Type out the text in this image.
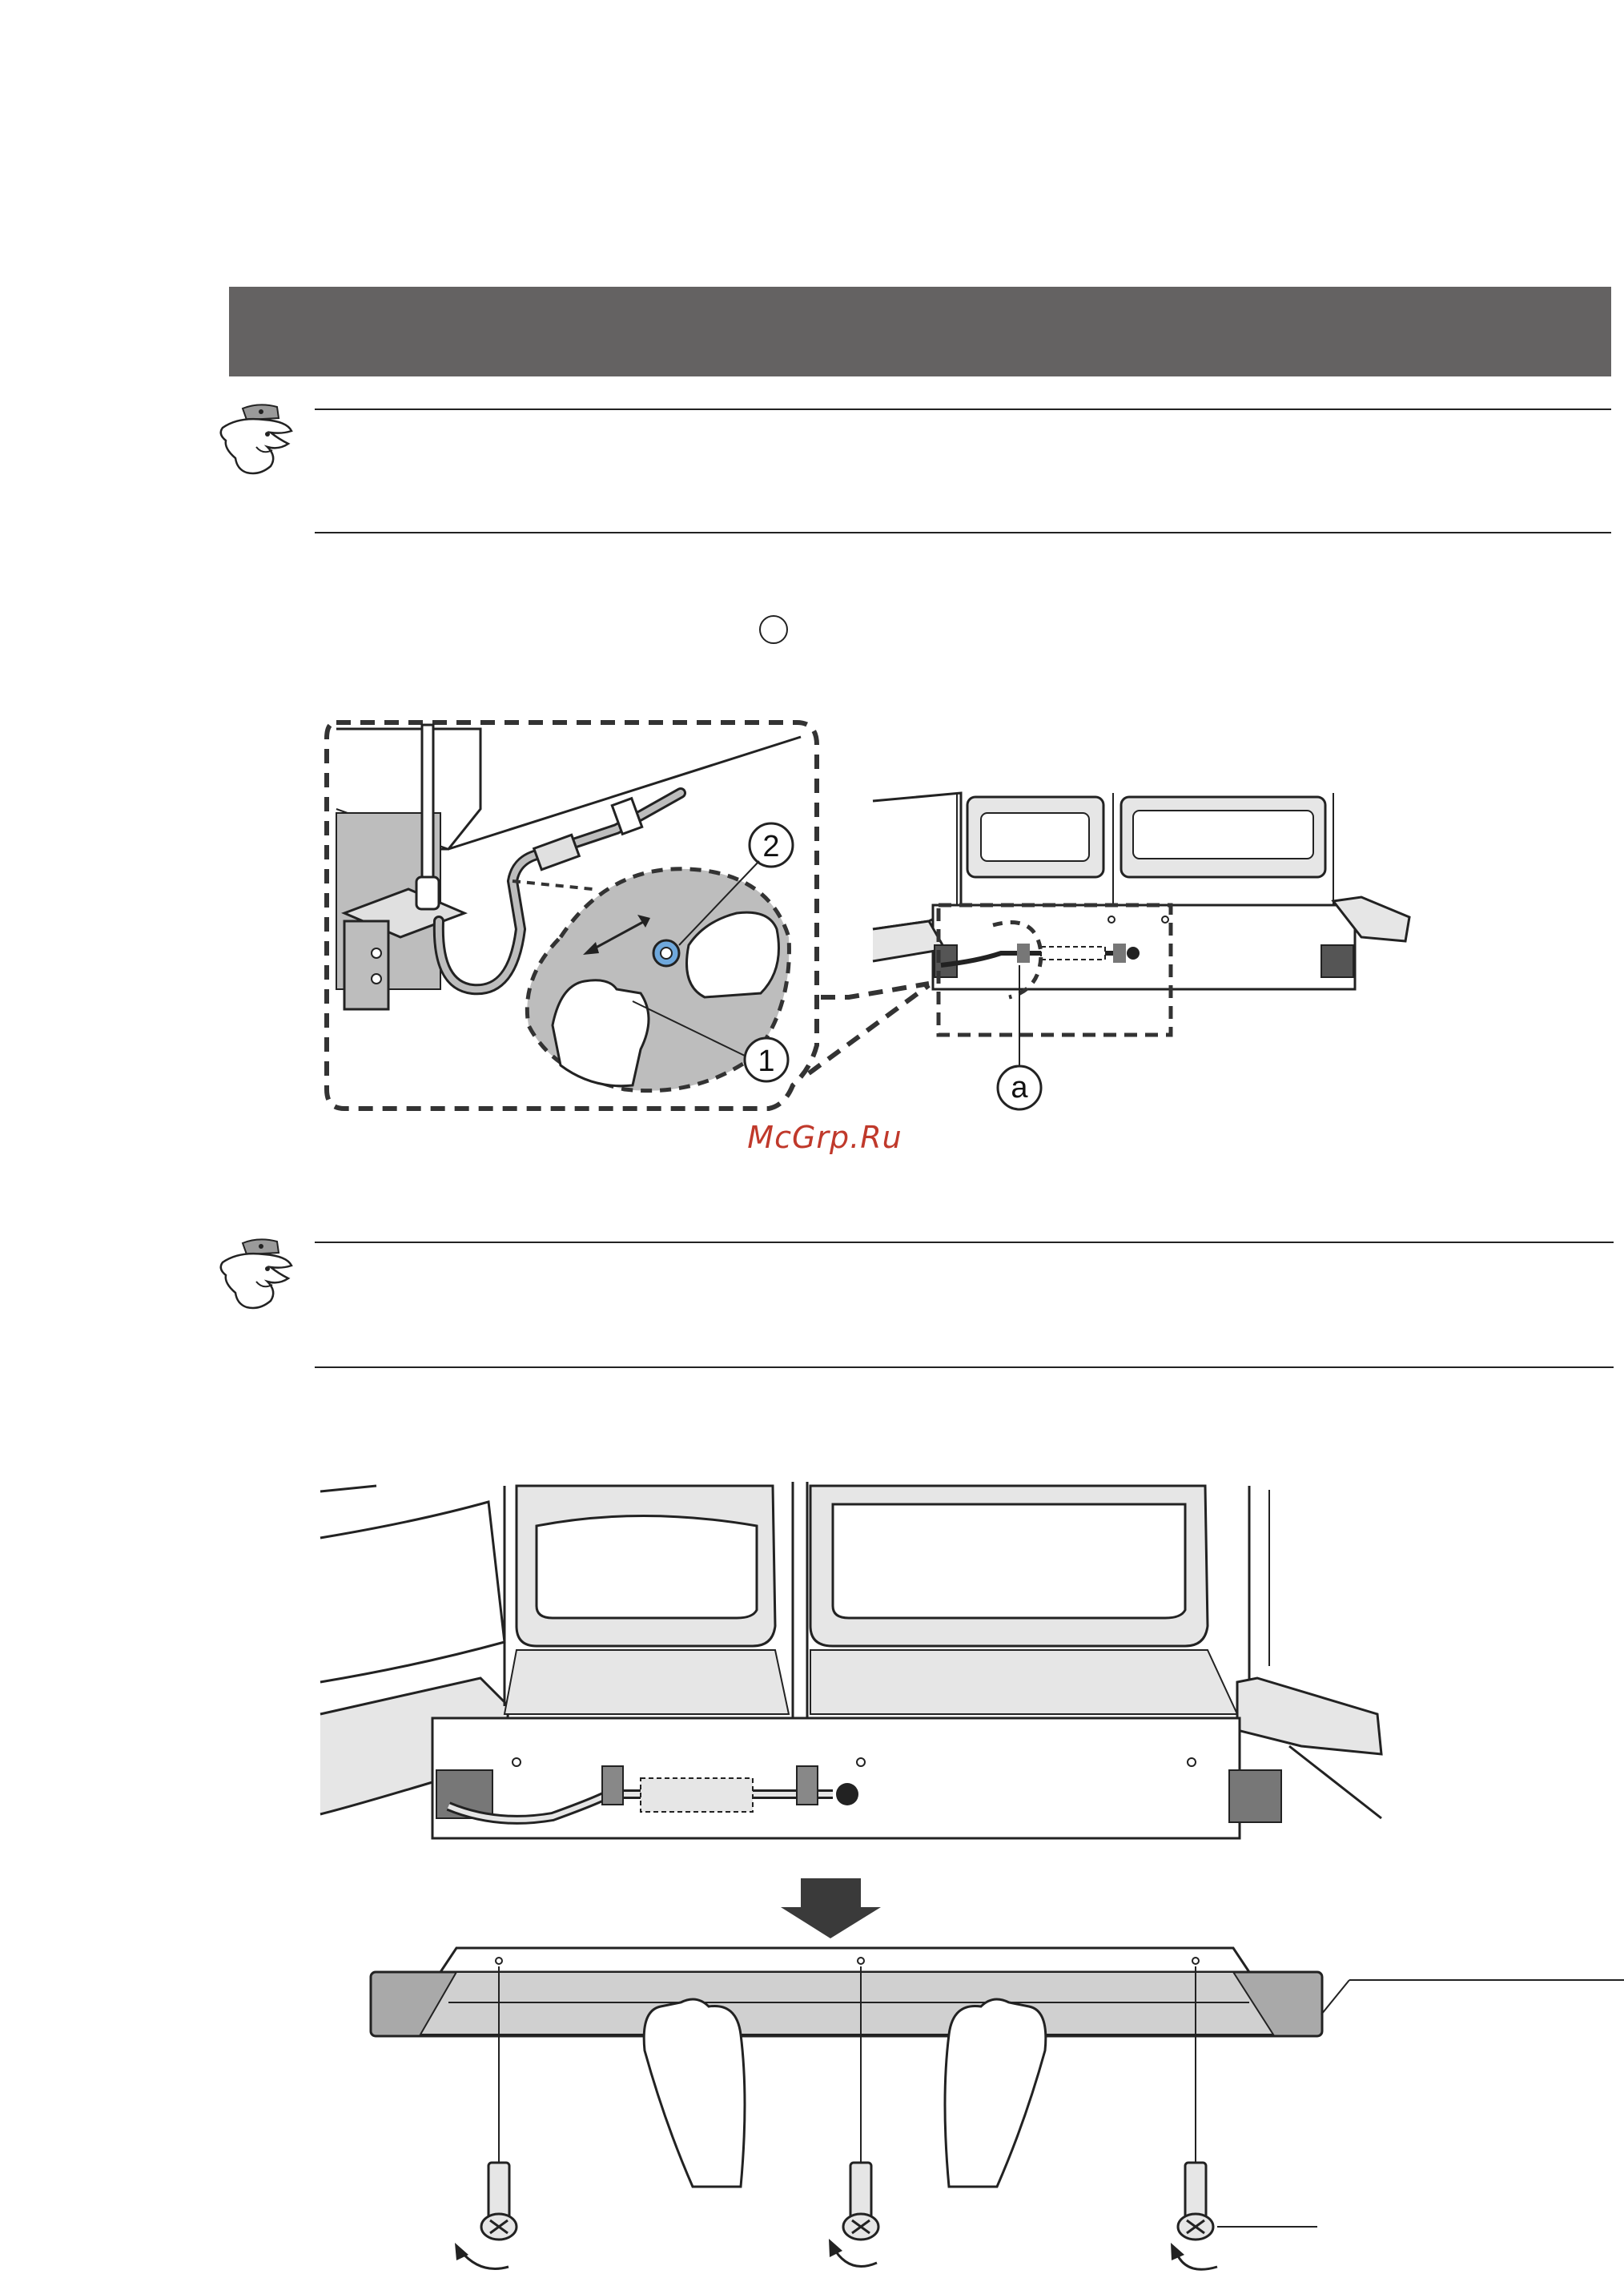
2
1
a
McGrp.Ru
